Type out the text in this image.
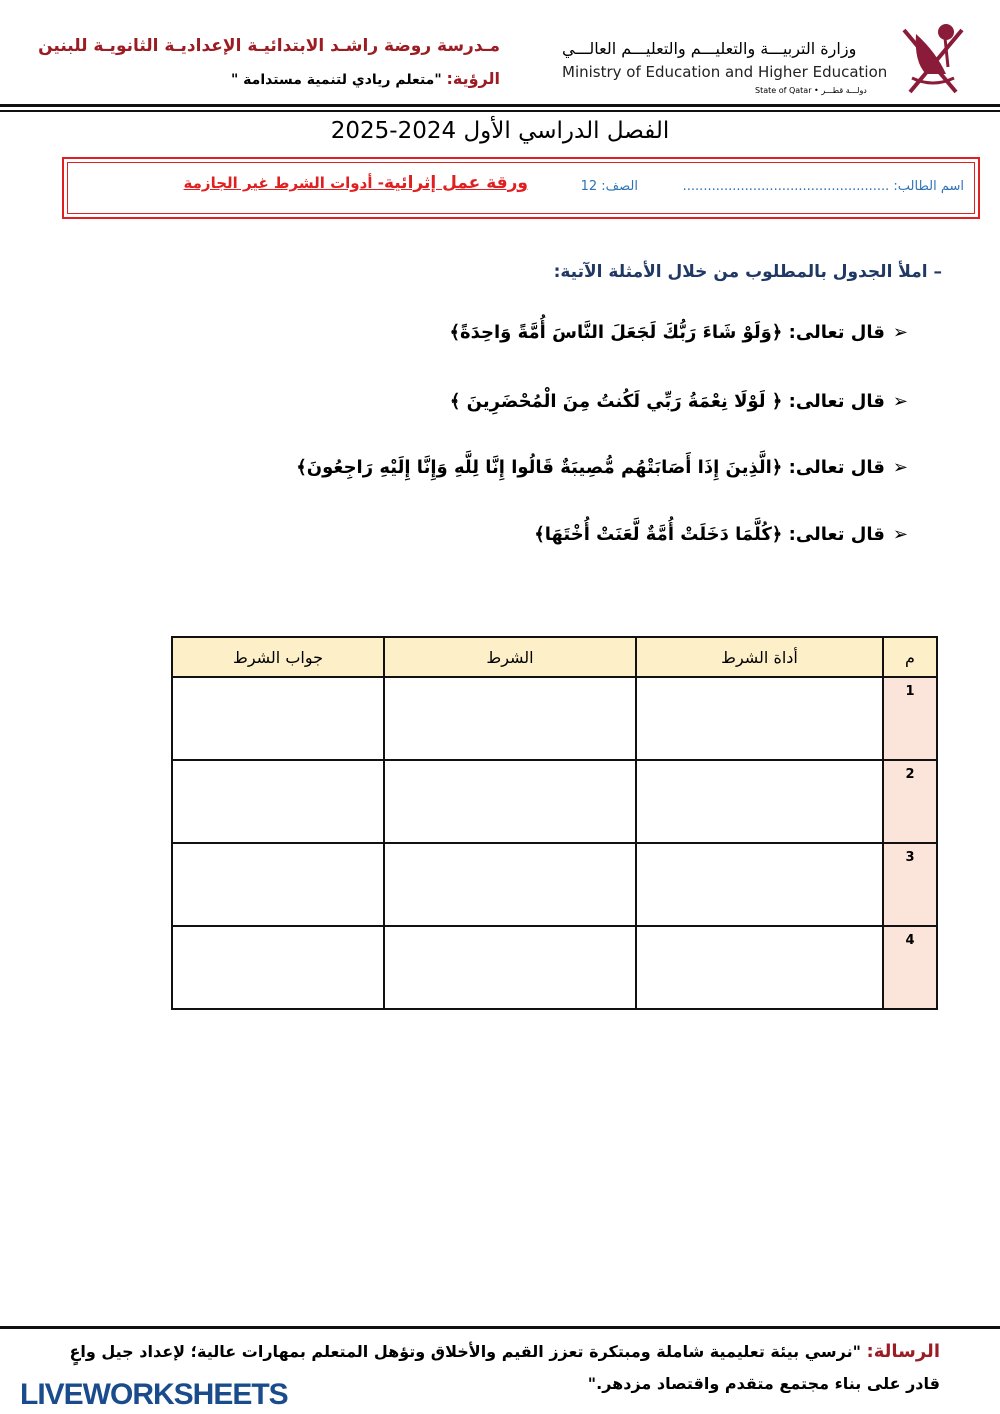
مـدرسة روضة راشـد الابتدائيـة الإعداديـة الثانويـة للبنين
الرؤية: "متعلم ريادي لتنمية مستدامة "
وزارة التربيـــة والتعليـــم والتعليـــم العالـــي
Ministry of Education and Higher Education
State of Qatar • دولـــة قطـــر
الفصل الدراسي الأول 2024-2025
اسم الطالب: ..................................................
الصف: 12
ورقة عمل إثرائية- أدوات الشرط غير الجازمة
– املأ الجدول بالمطلوب من خلال الأمثلة الآتية:
➢قال تعالى: ﴿وَلَوْ شَاءَ رَبُّكَ لَجَعَلَ النَّاسَ أُمَّةً وَاحِدَةً﴾
➢قال تعالى: ﴿ لَوْلَا نِعْمَةُ رَبِّي لَكُنتُ مِنَ الْمُحْضَرِينَ ﴾
➢قال تعالى: ﴿الَّذِينَ إِذَا أَصَابَتْهُم مُّصِيبَةٌ قَالُوا إِنَّا لِلَّهِ وَإِنَّا إِلَيْهِ رَاجِعُونَ﴾
➢قال تعالى: ﴿كُلَّمَا دَخَلَتْ أُمَّةٌ لَّعَنَتْ أُخْتَهَا﴾
م	أداة الشرط	الشرط	جواب الشرط
1			
2			
3			
4			
الرسالة: "نرسي بيئة تعليمية شاملة ومبتكرة تعزز القيم والأخلاق وتؤهل المتعلم بمهارات عالية؛ لإعداد جيل واعٍ قادر على بناء مجتمع متقدم واقتصاد مزدهر."
LIVEWORKSHEETS
